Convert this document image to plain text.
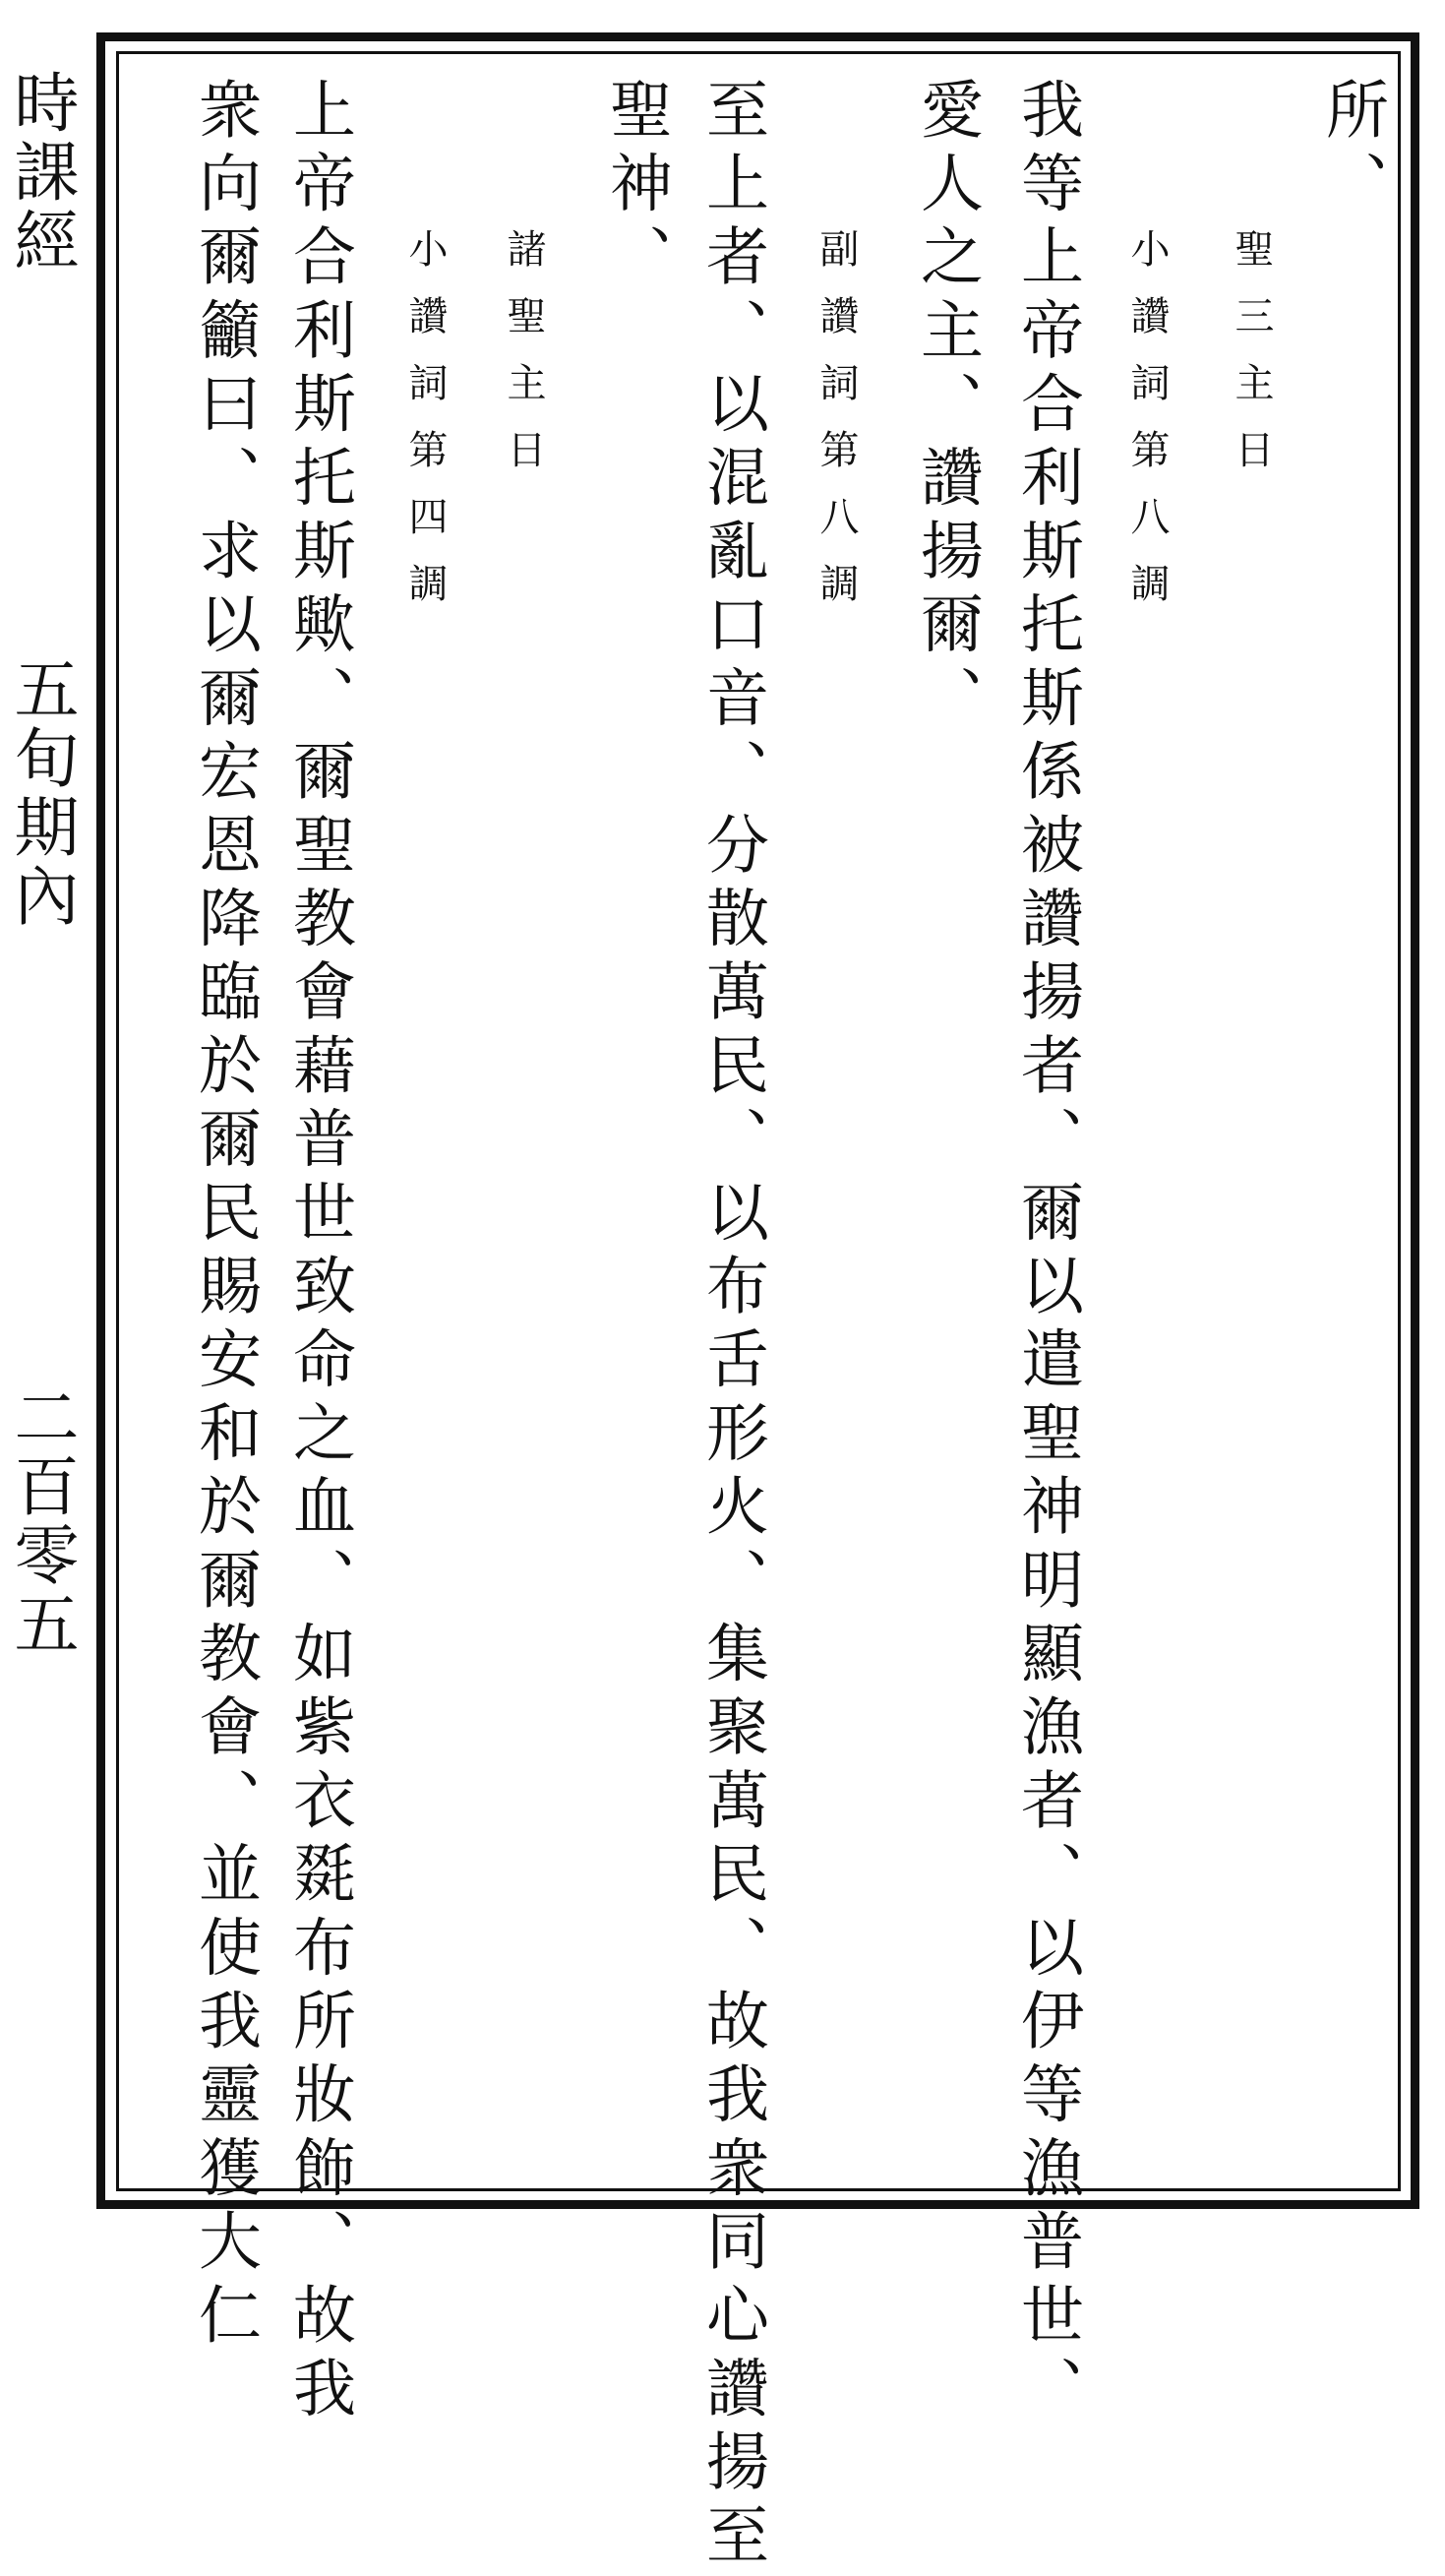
時課經
五旬期內
二百零五
所、
聖三主日
小讚詞第八調
我等上帝合利斯托斯係被讚揚者、爾以遣聖神明顯漁者、以伊等漁普世、
愛人之主、讚揚爾、
副讚詞第八調
至上者、以混亂口音、分散萬民、以布舌形火、集聚萬民、故我衆同心讚揚至
聖神、
諸聖主日
小讚詞第四調
上帝合利斯托斯歟、爾聖教會藉普世致命之血、如紫衣毲布所妝飾、故我
衆向爾籲曰、求以爾宏恩降臨於爾民賜安和於爾教會、並使我靈獲大仁
